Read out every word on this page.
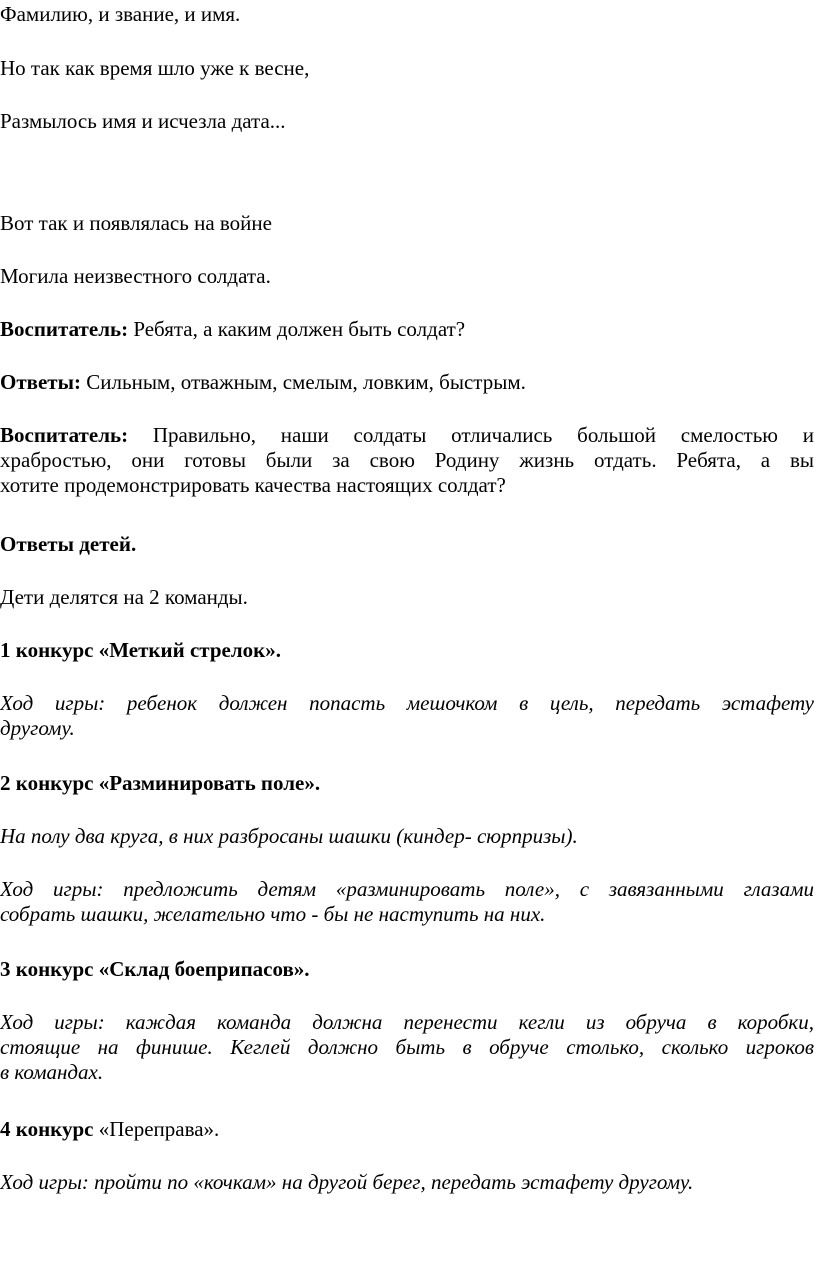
Фамилию, и звание, и имя.

Но так как время шло уже к весне,

Размылось имя и исчезла дата...

Вот так и появлялась на войне

Могила неизвестного солдата.

Воспитатель: Ребята, а каким должен быть солдат?

Ответы: Сильным, отважным, смелым, ловким, быстрым.

Воспитатель: Правильно, наши солдаты отличались большой смелостью и
храбростью, они готовы были за свою Родину жизнь отдать. Ребята, а вы
хотите продемонстрировать качества настоящих солдат?

Ответы детей.

Дети делятся на 2 команды.

1 конкурс «Меткий стрелок».

Ход игры: ребенок должен попасть мешочком в цель, передать эстафету
другому.

2 конкурс «Разминировать поле».

На полу два круга, в них разбросаны шашки (киндер- сюрпризы).

Ход игры: предложить детям «разминировать поле», с завязанными глазами
собрать шашки, желательно что - бы не наступить на них.

3 конкурс «Склад боеприпасов».

Ход игры: каждая команда должна перенести кегли из обруча в коробки,
стоящие на финише. Кеглей должно быть в обруче столько, сколько игроков
в командах.

4 конкурс «Переправа».

Ход игры: пройти по «кочкам» на другой берег, передать эстафету другому.
